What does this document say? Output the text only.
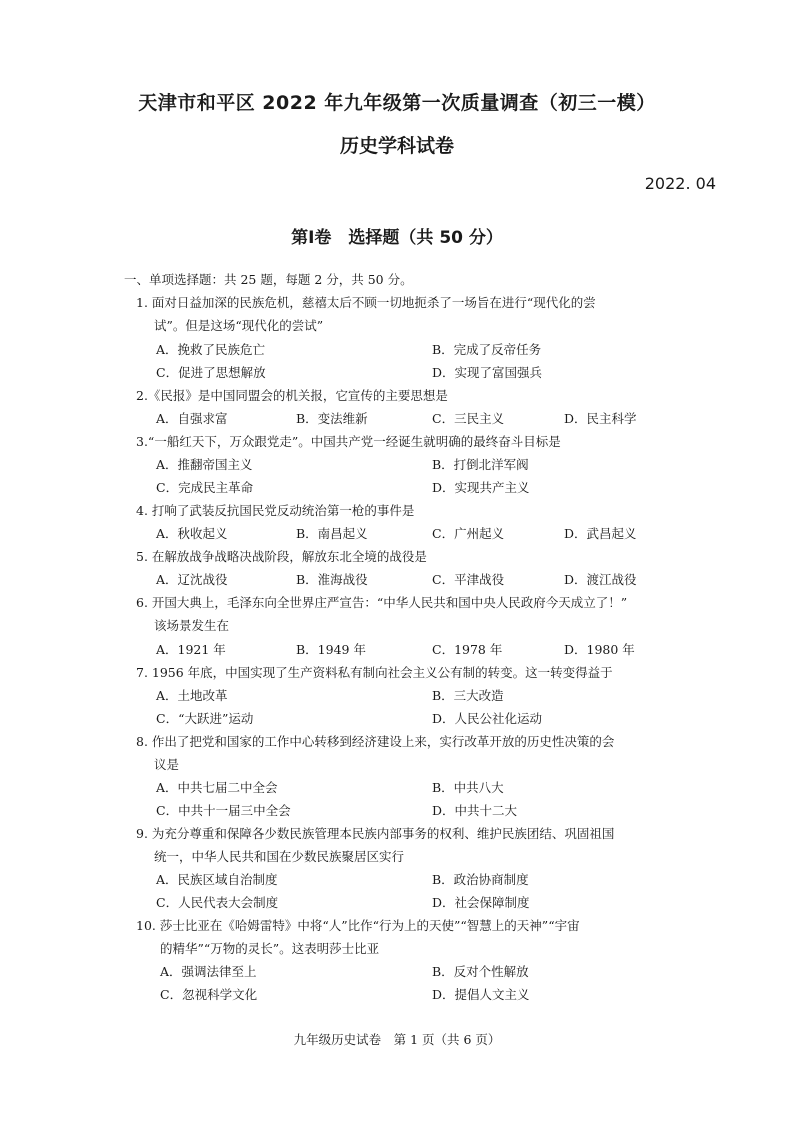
天津市和平区 2022 年九年级第一次质量调查（初三一模）
历史学科试卷
2022. 04
第Ⅰ卷　选择题（共 50 分）
一、单项选择题：共 25 题，每题 2 分，共 50 分。
1. 面对日益加深的民族危机，慈禧太后不顾一切地扼杀了一场旨在进行“现代化的尝
试”。但是这场“现代化的尝试”
A．挽救了民族危亡	B．完成了反帝任务
C．促进了思想解放	D．实现了富国强兵
2.《民报》是中国同盟会的机关报，它宣传的主要思想是
A．自强求富	B．变法维新	C．三民主义	D．民主科学
3.“一船红天下，万众跟党走”。中国共产党一经诞生就明确的最终奋斗目标是
A．推翻帝国主义	B．打倒北洋军阀
C．完成民主革命	D．实现共产主义
4. 打响了武装反抗国民党反动统治第一枪的事件是
A．秋收起义	B．南昌起义	C．广州起义	D．武昌起义
5. 在解放战争战略决战阶段，解放东北全境的战役是
A．辽沈战役	B．淮海战役	C．平津战役	D．渡江战役
6. 开国大典上，毛泽东向全世界庄严宣告：“中华人民共和国中央人民政府今天成立了！”
该场景发生在
A．1921 年	B．1949 年	C．1978 年	D．1980 年
7. 1956 年底，中国实现了生产资料私有制向社会主义公有制的转变。这一转变得益于
A．土地改革	B．三大改造
C．“大跃进”运动	D．人民公社化运动
8. 作出了把党和国家的工作中心转移到经济建设上来，实行改革开放的历史性决策的会
议是
A．中共七届二中全会	B．中共八大
C．中共十一届三中全会	D．中共十二大
9. 为充分尊重和保障各少数民族管理本民族内部事务的权利、维护民族团结、巩固祖国
统一，中华人民共和国在少数民族聚居区实行
A．民族区域自治制度	B．政治协商制度
C．人民代表大会制度	D．社会保障制度
10. 莎士比亚在《哈姆雷特》中将“人”比作“行为上的天使”“智慧上的天神”“宇宙
的精华”“万物的灵长”。这表明莎士比亚
A．强调法律至上	B．反对个性解放
C．忽视科学文化	D．提倡人文主义
九年级历史试卷　第 1 页（共 6 页）
